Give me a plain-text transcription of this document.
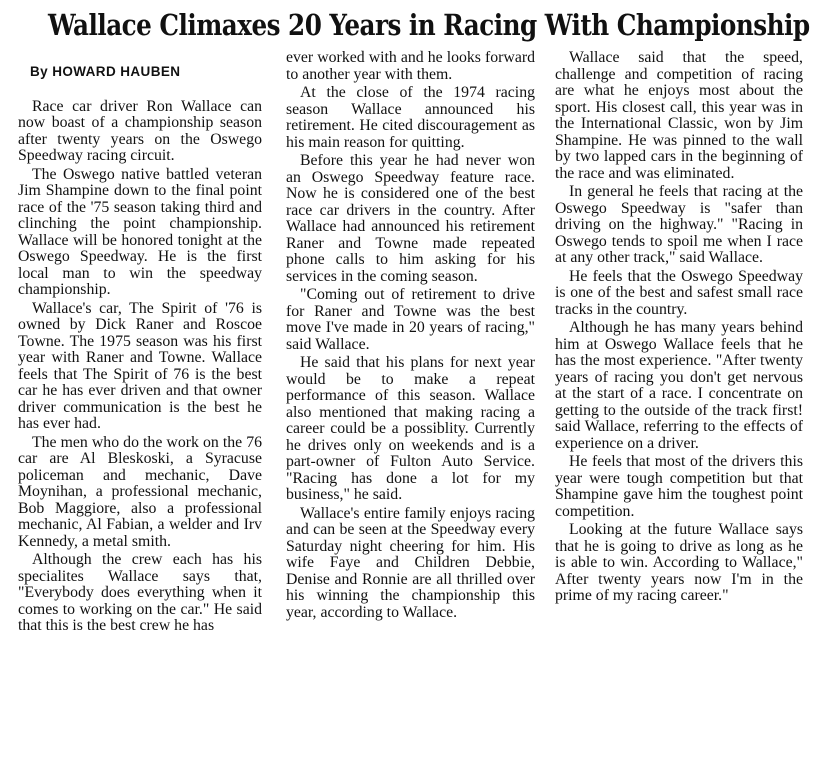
Wallace Climaxes 20 Years in Racing With Championship
By HOWARD HAUBEN

Race car driver Ron Wallace can now boast of a championship season after twenty years on the Oswego Speedway racing circuit.

The Oswego native battled veteran Jim Shampine down to the final point race of the '75 season taking third and clinching the point championship. Wallace will be honored tonight at the Oswego Speedway. He is the first local man to win the speedway championship.

Wallace's car, The Spirit of '76 is owned by Dick Raner and Roscoe Towne. The 1975 season was his first year with Raner and Towne. Wallace feels that The Spirit of 76 is the best car he has ever driven and that owner driver communication is the best he has ever had.

The men who do the work on the 76 car are Al Bleskoski, a Syracuse policeman and mechanic, Dave Moynihan, a professional mechanic, Bob Maggiore, also a professional mechanic, Al Fabian, a welder and Irv Kennedy, a metal smith.

Although the crew each has his specialites Wallace says that, "Everybody does everything when it comes to working on the car." He said that this is the best crew he has

ever worked with and he looks forward to another year with them.

At the close of the 1974 racing season Wallace announced his retirement. He cited discouragement as his main reason for quitting.

Before this year he had never won an Oswego Speedway feature race. Now he is considered one of the best race car drivers in the country. After Wallace had announced his retirement Raner and Towne made repeated phone calls to him asking for his services in the coming season.

"Coming out of retirement to drive for Raner and Towne was the best move I've made in 20 years of racing," said Wallace.

He said that his plans for next year would be to make a repeat performance of this season. Wallace also mentioned that making racing a career could be a possiblity. Currently he drives only on weekends and is a part-owner of Fulton Auto Service. "Racing has done a lot for my business," he said.

Wallace's entire family enjoys racing and can be seen at the Speedway every Saturday night cheering for him. His wife Faye and Children Debbie, Denise and Ronnie are all thrilled over his winning the championship this year, according to Wallace.

Wallace said that the speed, challenge and competition of racing are what he enjoys most about the sport. His closest call, this year was in the International Classic, won by Jim Shampine. He was pinned to the wall by two lapped cars in the beginning of the race and was eliminated.

In general he feels that racing at the Oswego Speedway is "safer than driving on the highway." "Racing in Oswego tends to spoil me when I race at any other track," said Wallace.

He feels that the Oswego Speedway is one of the best and safest small race tracks in the country.

Although he has many years behind him at Oswego Wallace feels that he has the most experience. "After twenty years of racing you don't get nervous at the start of a race. I concentrate on getting to the outside of the track first! said Wallace, referring to the effects of experience on a driver.

He feels that most of the drivers this year were tough competition but that Shampine gave him the toughest point competition.

Looking at the future Wallace says that he is going to drive as long as he is able to win. According to Wallace," After twenty years now I'm in the prime of my racing career."
